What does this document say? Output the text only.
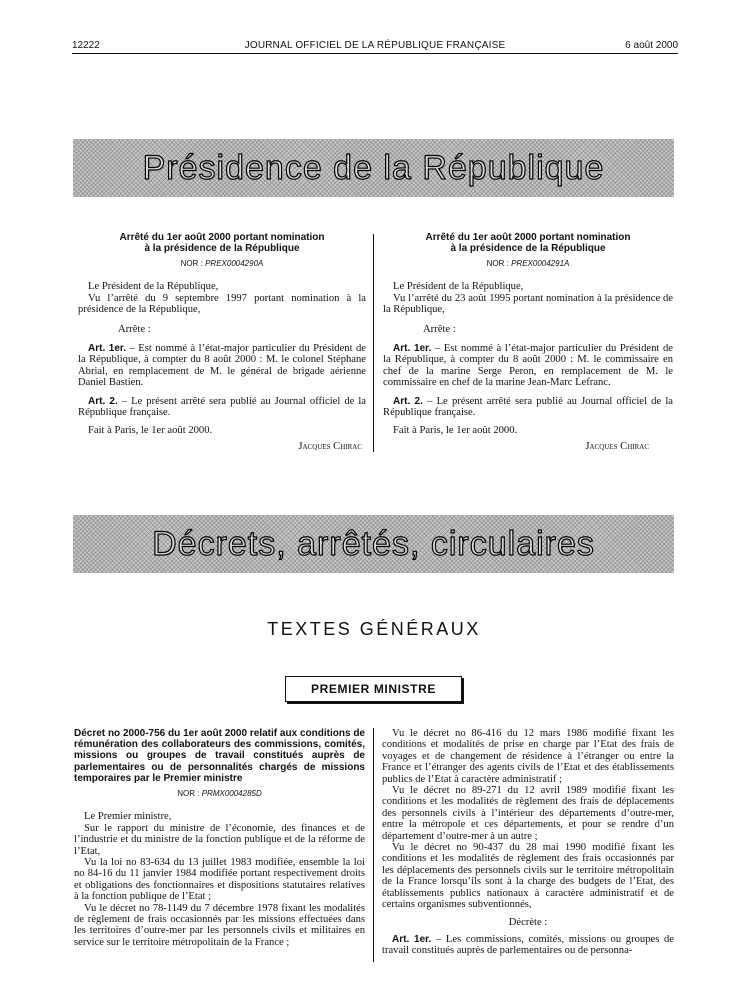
12222	JOURNAL OFFICIEL DE LA RÉPUBLIQUE FRANÇAISE	6 août 2000
Présidence de la République
Arrêté du 1er août 2000 portant nomination
à la présidence de la République
NOR : PREX0004290A

Le Président de la République,

Vu l’arrêté du 9 septembre 1997 portant nomination à la présidence de la République,

Arrête :

Art. 1er. – Est nommé à l’état-major particulier du Président de la République, à compter du 8 août 2000 : M. le colonel Stéphane Abrial, en remplacement de M. le général de brigade aérienne Daniel Bastien.

Art. 2. – Le présent arrêté sera publié au Journal officiel de la République française.

Fait à Paris, le 1er août 2000.

Jacques Chirac
Arrêté du 1er août 2000 portant nomination
à la présidence de la République
NOR : PREX0004291A

Le Président de la République,

Vu l’arrêté du 23 août 1995 portant nomination à la présidence de la République,

Arrête :

Art. 1er. – Est nommé à l’état-major particulier du Président de la République, à compter du 8 août 2000 : M. le commissaire en chef de la marine Serge Peron, en remplacement de M. le commissaire en chef de la marine Jean-Marc Lefranc.

Art. 2. – Le présent arrêté sera publié au Journal officiel de la République française.

Fait à Paris, le 1er août 2000.

Jacques Chirac
Décrets, arrêtés, circulaires
TEXTES GÉNÉRAUX
PREMIER MINISTRE
Décret no 2000-756 du 1er août 2000 relatif aux conditions de rémunération des collaborateurs des commissions, comités, missions ou groupes de travail constitués auprès de parlementaires ou de personnalités chargés de missions temporaires par le Premier ministre
NOR : PRMX0004285D

Le Premier ministre,

Sur le rapport du ministre de l’économie, des finances et de l’industrie et du ministre de la fonction publique et de la réforme de l’Etat,

Vu la loi no 83-634 du 13 juillet 1983 modifiée, ensemble la loi no 84-16 du 11 janvier 1984 modifiée portant respectivement droits et obligations des fonctionnaires et dispositions statutaires relatives à la fonction publique de l’Etat ;

Vu le décret no 78-1149 du 7 décembre 1978 fixant les modalités de règlement de frais occasionnés par les missions effectuées dans les territoires d’outre-mer par les personnels civils et militaires en service sur le territoire métropolitain de la France ;

Vu le décret no 86-416 du 12 mars 1986 modifié fixant les conditions et modalités de prise en charge par l’Etat des frais de voyages et de changement de résidence à l’étranger ou entre la France et l’étranger des agents civils de l’Etat et des établissements publics de l’Etat à caractère administratif ;

Vu le décret no 89-271 du 12 avril 1989 modifié fixant les conditions et les modalités de règlement des frais de déplacements des personnels civils à l’intérieur des départements d’outre-mer, entre la métropole et ces départements, et pour se rendre d’un département d’outre-mer à un autre ;

Vu le décret no 90-437 du 28 mai 1990 modifié fixant les conditions et les modalités de règlement des frais occasionnés par les déplacements des personnels civils sur le territoire métropolitain de la France lorsqu’ils sont à la charge des budgets de l’Etat, des établissements publics nationaux à caractère administratif et de certains organismes subventionnés,

Décrète :

Art. 1er. – Les commissions, comités, missions ou groupes de travail constitués auprès de parlementaires ou de personna-
